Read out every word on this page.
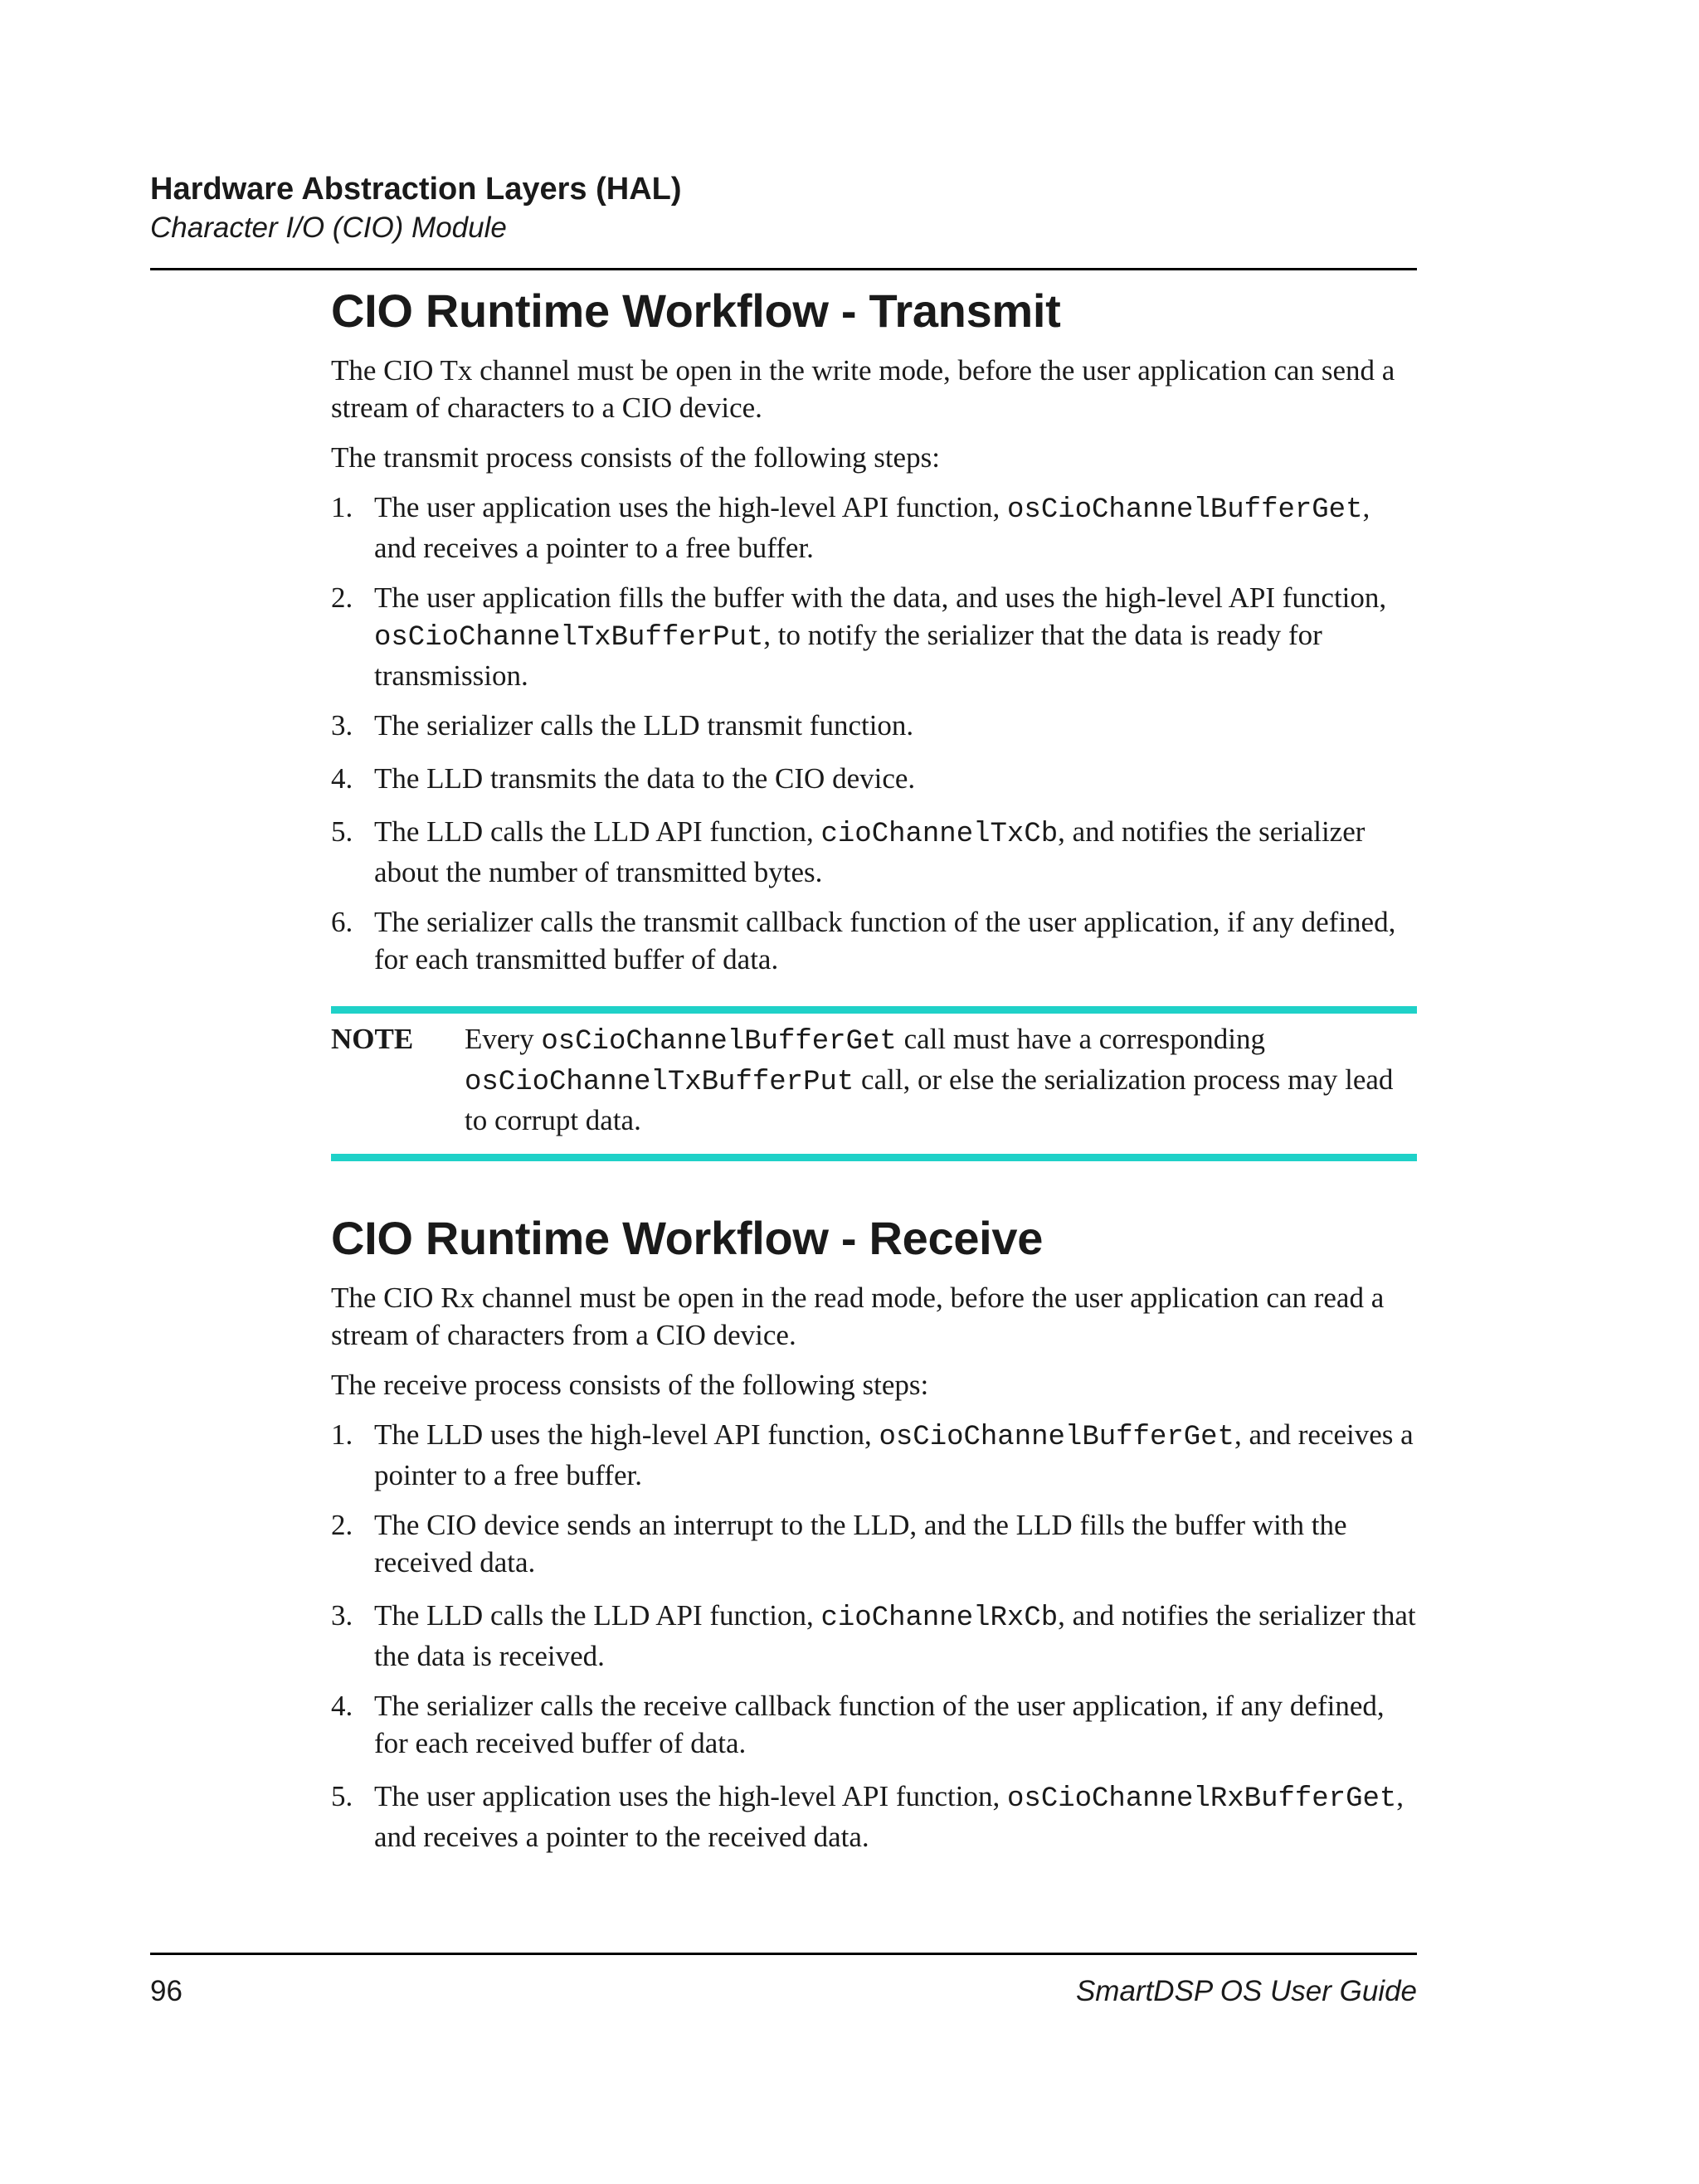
Hardware Abstraction Layers (HAL)
Character I/O (CIO) Module
CIO Runtime Workflow - Transmit

The CIO Tx channel must be open in the write mode, before the user application can send a stream of characters to a CIO device.

The transmit process consists of the following steps:

1. The user application uses the high-level API function, osCioChannelBufferGet, and receives a pointer to a free buffer.
2. The user application fills the buffer with the data, and uses the high-level API function, osCioChannelTxBufferPut, to notify the serializer that the data is ready for transmission.
3. The serializer calls the LLD transmit function.
4. The LLD transmits the data to the CIO device.
5. The LLD calls the LLD API function, cioChannelTxCb, and notifies the serializer about the number of transmitted bytes.
6. The serializer calls the transmit callback function of the user application, if any defined, for each transmitted buffer of data.
NOTE Every osCioChannelBufferGet call must have a corresponding osCioChannelTxBufferPut call, or else the serialization process may lead to corrupt data.

CIO Runtime Workflow - Receive

The CIO Rx channel must be open in the read mode, before the user application can read a stream of characters from a CIO device.

The receive process consists of the following steps:

1. The LLD uses the high-level API function, osCioChannelBufferGet, and receives a pointer to a free buffer.
2. The CIO device sends an interrupt to the LLD, and the LLD fills the buffer with the received data.
3. The LLD calls the LLD API function, cioChannelRxCb, and notifies the serializer that the data is received.
4. The serializer calls the receive callback function of the user application, if any defined, for each received buffer of data.
5. The user application uses the high-level API function, osCioChannelRxBufferGet, and receives a pointer to the received data.
96	SmartDSP OS User Guide
